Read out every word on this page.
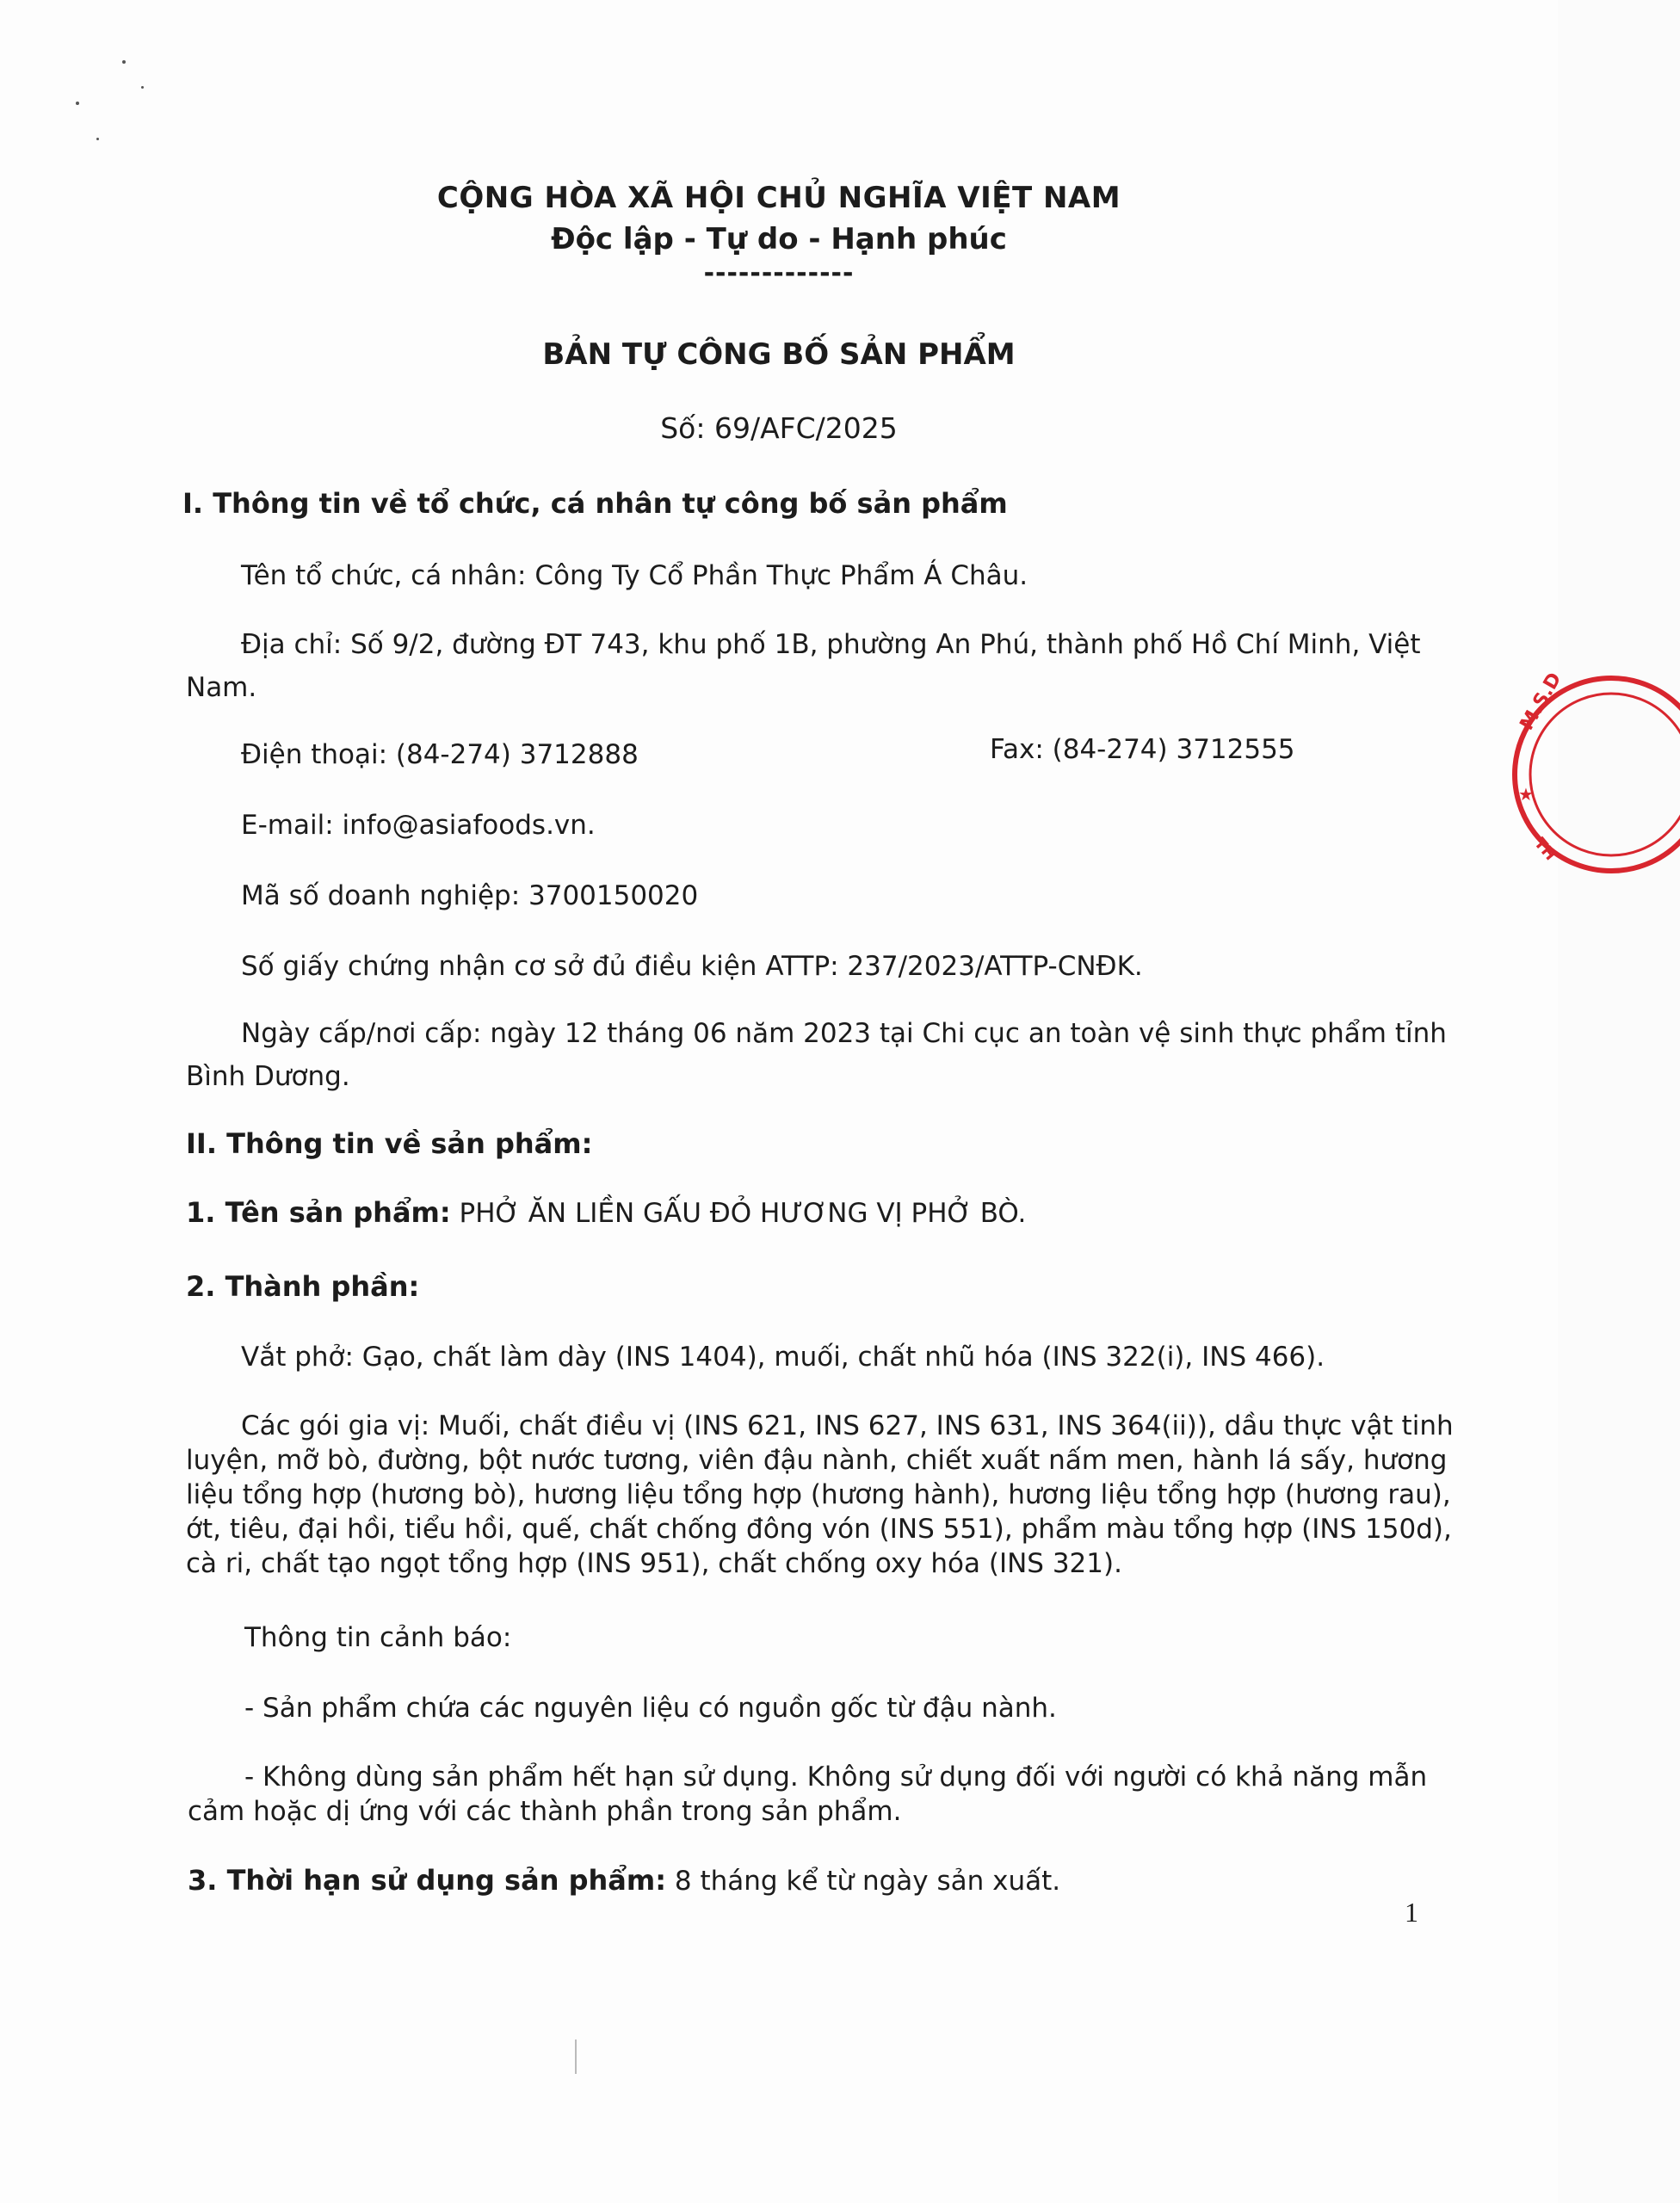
CỘNG HÒA XÃ HỘI CHỦ NGHĨA VIỆT NAM
Độc lập - Tự do - Hạnh phúc
-------------
BẢN TỰ CÔNG BỐ SẢN PHẨM
Số: 69/AFC/2025
I. Thông tin về tổ chức, cá nhân tự công bố sản phẩm
Tên tổ chức, cá nhân: Công Ty Cổ Phần Thực Phẩm Á Châu.
Địa chỉ: Số 9/2, đường ĐT 743, khu phố 1B, phường An Phú, thành phố Hồ Chí Minh, Việt
Nam.
Điện thoại: (84-274) 3712888	Fax: (84-274) 3712555
E-mail: info@asiafoods.vn.
Mã số doanh nghiệp: 3700150020
Số giấy chứng nhận cơ sở đủ điều kiện ATTP: 237/2023/ATTP-CNĐK.
Ngày cấp/nơi cấp: ngày 12 tháng 06 năm 2023 tại Chi cục an toàn vệ sinh thực phẩm tỉnh
Bình Dương.
II. Thông tin về sản phẩm:
1. Tên sản phẩm: PHỞ ĂN LIỀN GẤU ĐỎ HƯƠNG VỊ PHỞ BÒ.
2. Thành phần:
Vắt phở: Gạo, chất làm dày (INS 1404), muối, chất nhũ hóa (INS 322(i), INS 466).
Các gói gia vị: Muối, chất điều vị (INS 621, INS 627, INS 631, INS 364(ii)), dầu thực vật tinh
luyện, mỡ bò, đường, bột nước tương, viên đậu nành, chiết xuất nấm men, hành lá sấy, hương
liệu tổng hợp (hương bò), hương liệu tổng hợp (hương hành), hương liệu tổng hợp (hương rau),
ớt, tiêu, đại hồi, tiểu hồi, quế, chất chống đông vón (INS 551), phẩm màu tổng hợp (INS 150d),
cà ri, chất tạo ngọt tổng hợp (INS 951), chất chống oxy hóa (INS 321).
Thông tin cảnh báo:
- Sản phẩm chứa các nguyên liệu có nguồn gốc từ đậu nành.
- Không dùng sản phẩm hết hạn sử dụng. Không sử dụng đối với người có khả năng mẫn
cảm hoặc dị ứng với các thành phần trong sản phẩm.
3. Thời hạn sử dụng sản phẩm: 8 tháng kể từ ngày sản xuất.
1
M.S.D
★
TH
